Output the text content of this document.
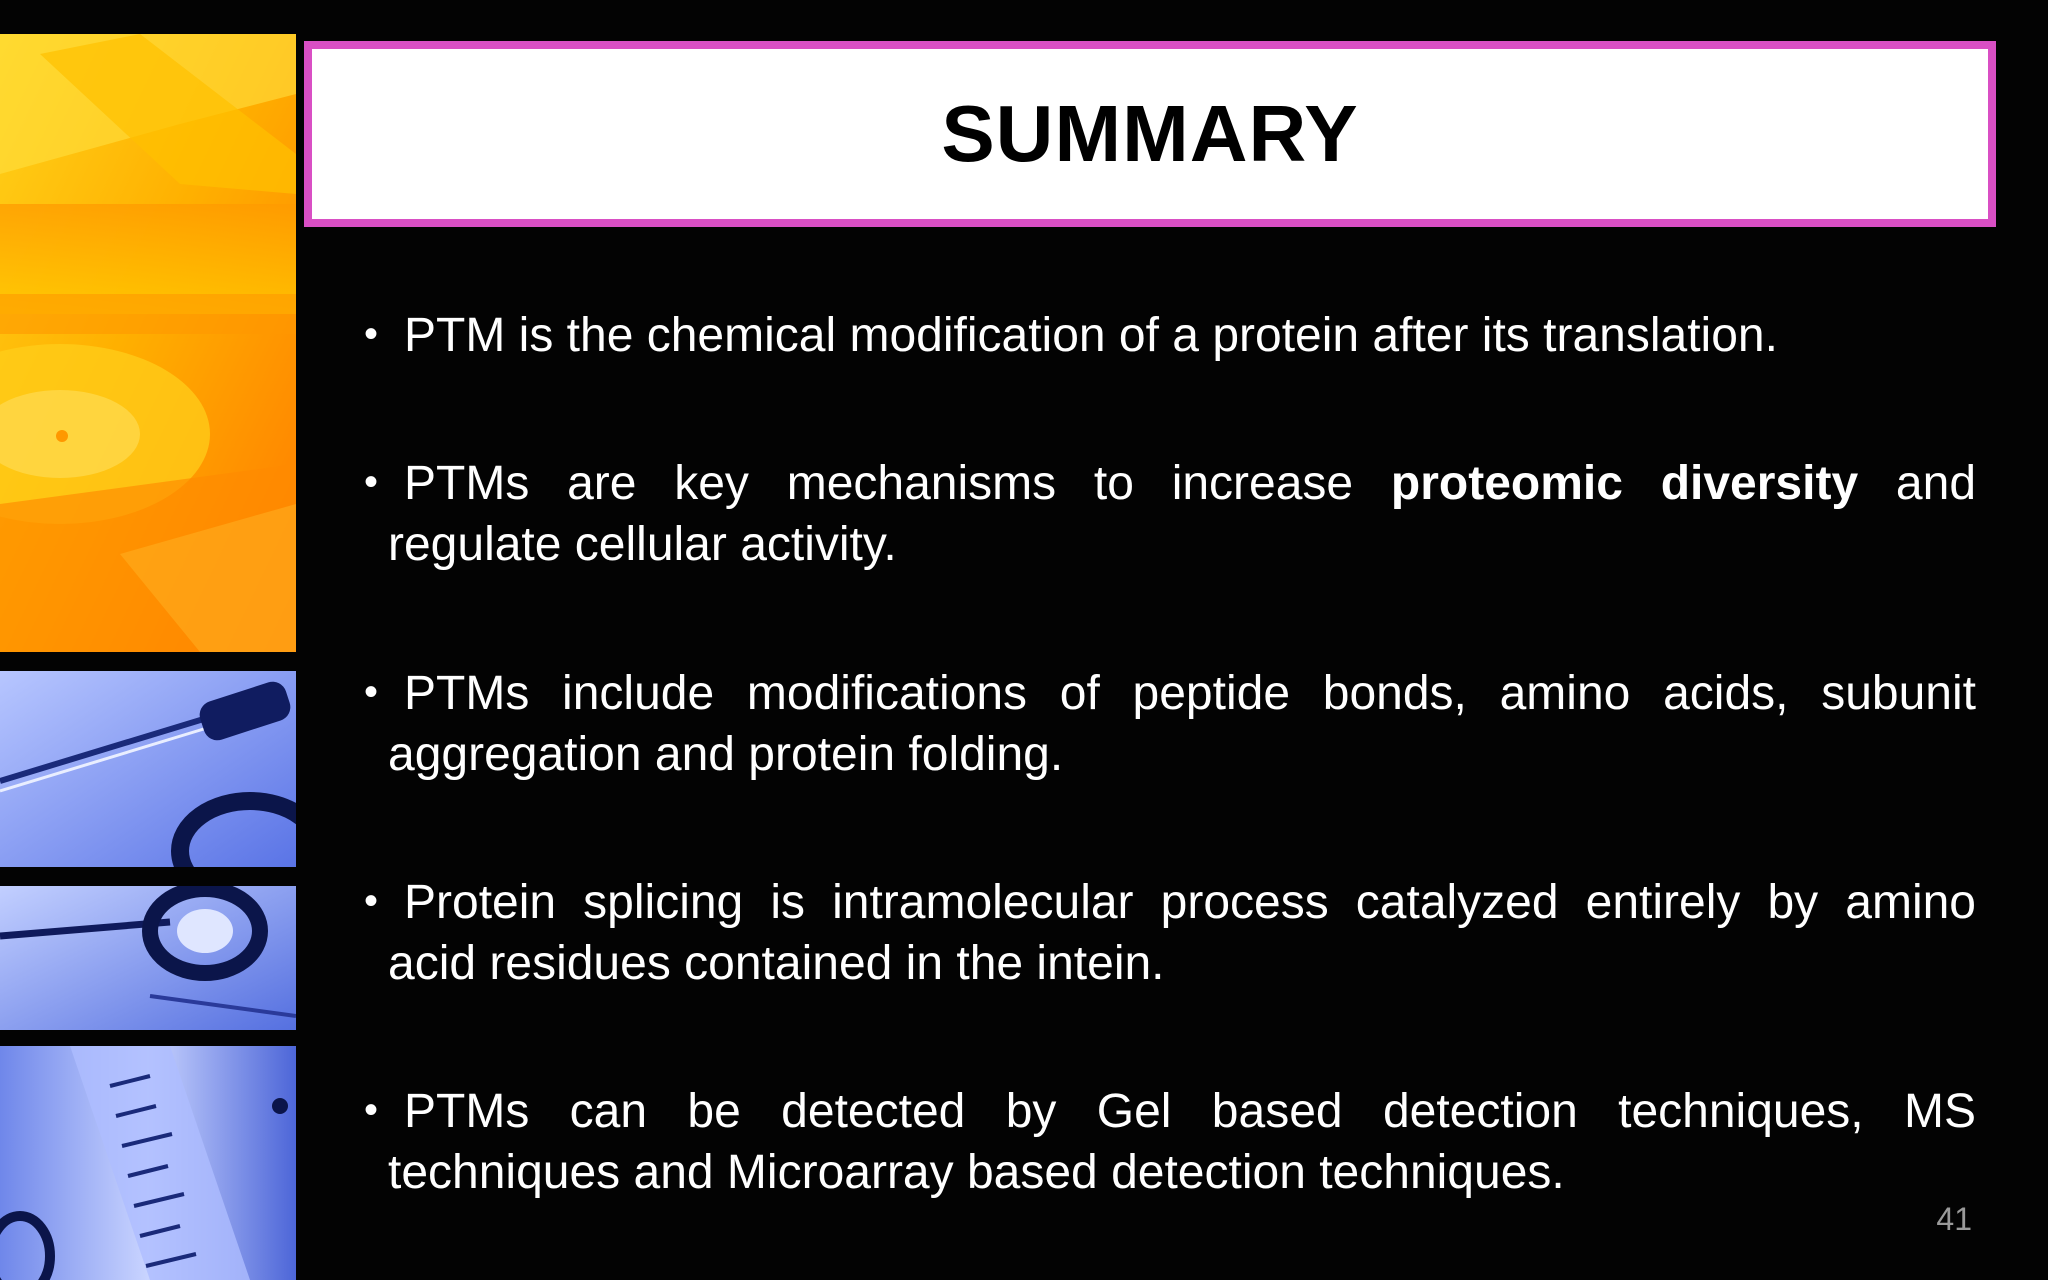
SUMMARY
• PTM is the chemical modification of a protein after its translation.
• PTMs are key mechanisms to increase proteomic diversity and
regulate cellular activity.
• PTMs include modifications of peptide bonds, amino acids, subunit
aggregation and protein folding.
• Protein splicing is intramolecular process catalyzed entirely by amino
acid residues contained in the intein.
• PTMs can be detected by Gel based detection techniques, MS
techniques and Microarray based detection techniques.
41
